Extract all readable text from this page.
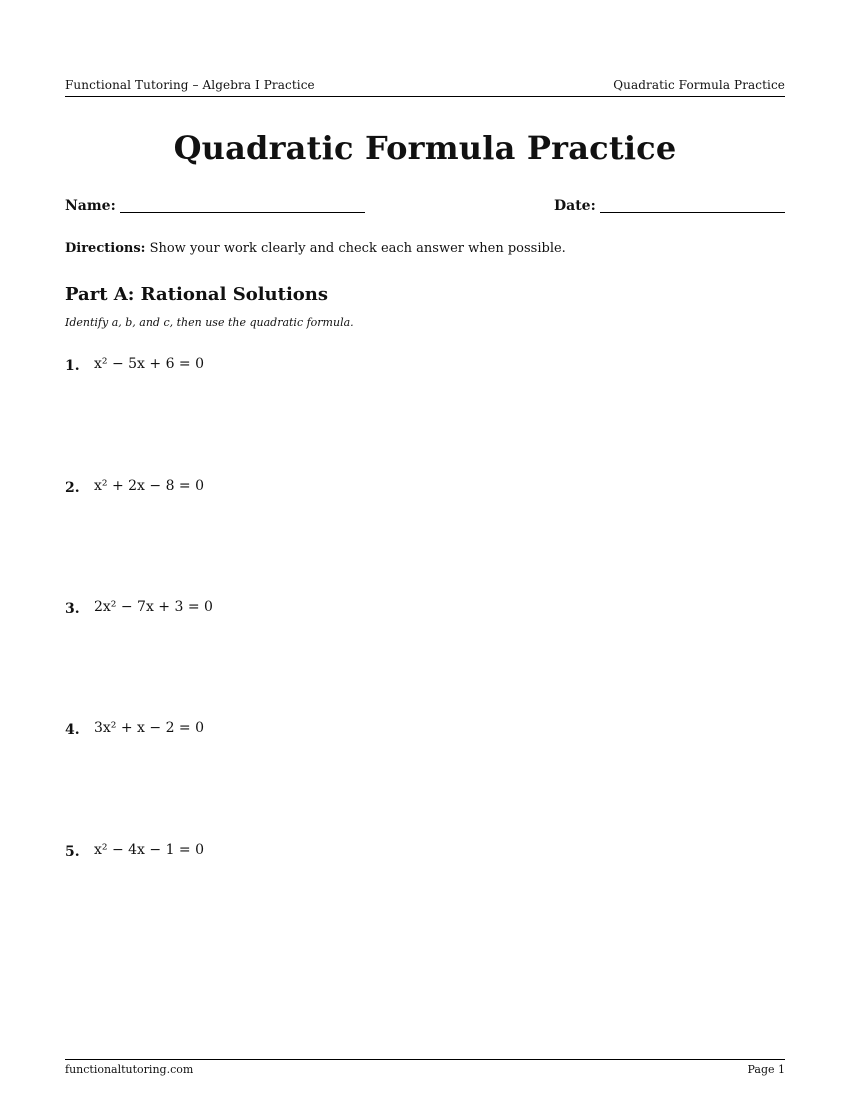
Functional Tutoring – Algebra I Practice	Quadratic Formula Practice
Quadratic Formula Practice
Name:	Date:
Directions: Show your work clearly and check each answer when possible.
Part A: Rational Solutions
Identify a, b, and c, then use the quadratic formula.
1. x² − 5x + 6 = 0
2. x² + 2x − 8 = 0
3. 2x² − 7x + 3 = 0
4. 3x² + x − 2 = 0
5. x² − 4x − 1 = 0
functionaltutoring.com	Page 1
